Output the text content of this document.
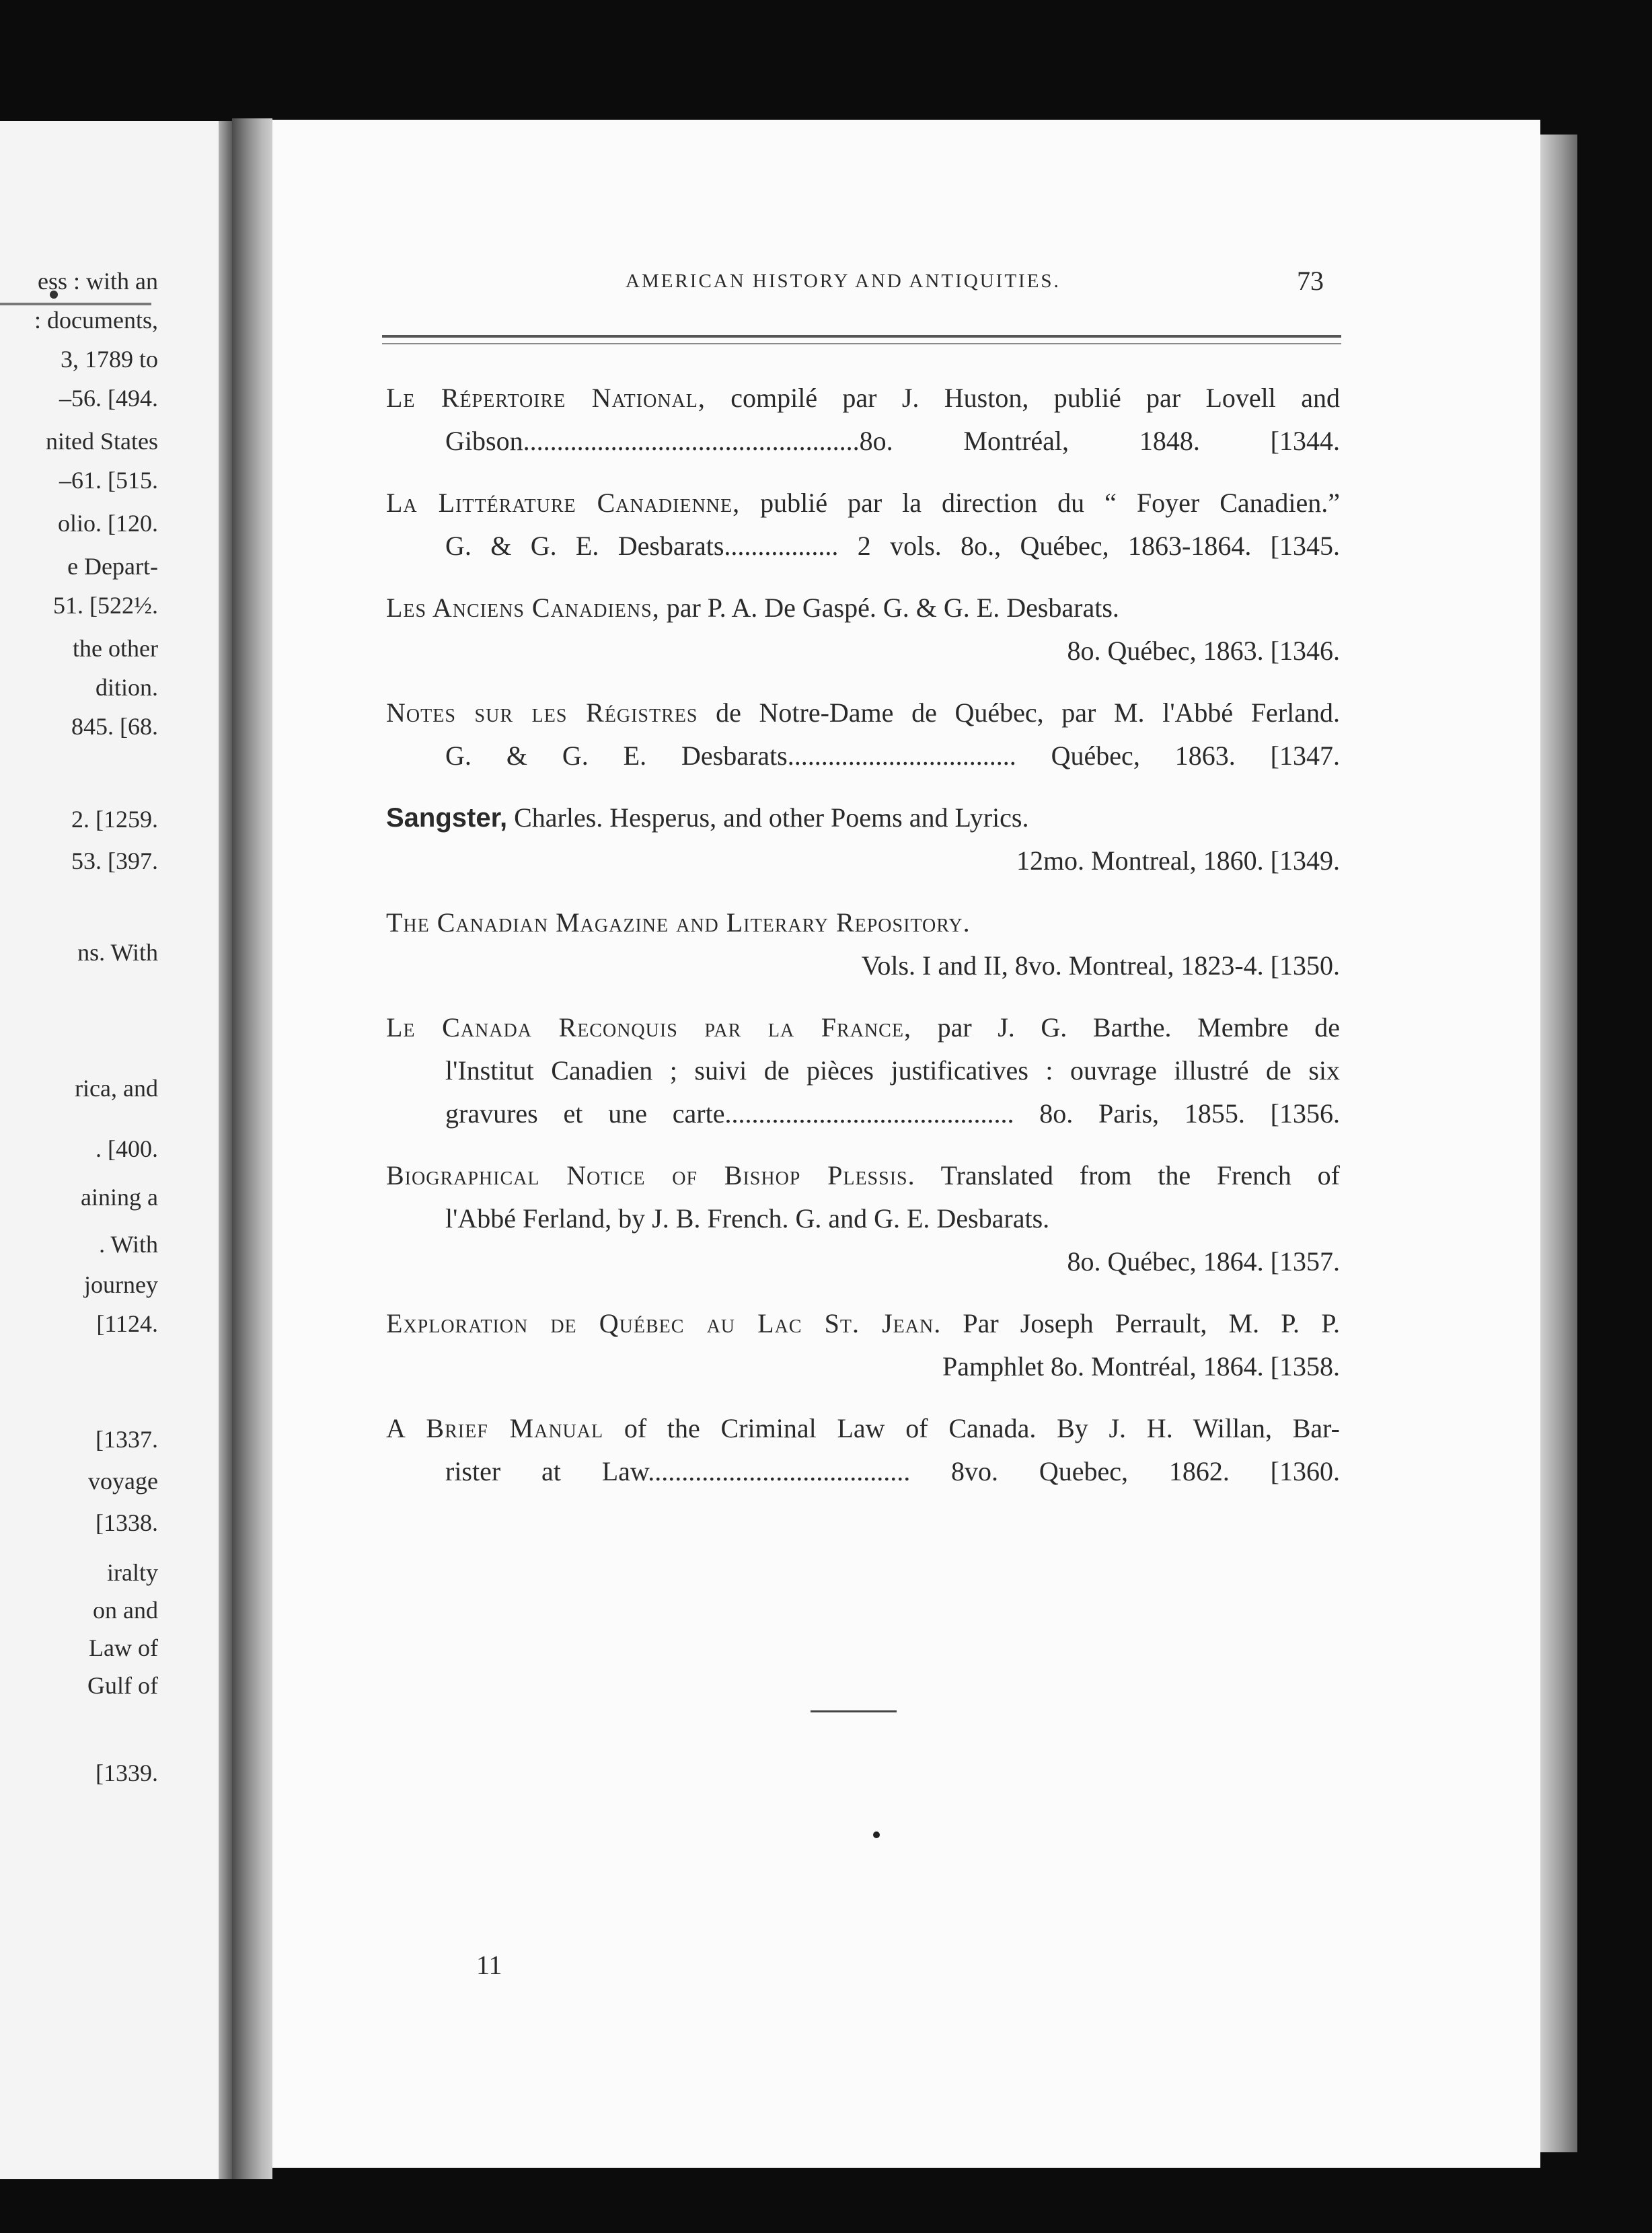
ess : with an
: documents,
3, 1789 to
–56. [494.
nited States
–61. [515.
olio. [120.
e Depart-
51. [522½.
the other
dition.
845. [68.
2. [1259.
53. [397.
ns. With
rica, and
. [400.
aining a
. With
journey
[1124.
[1337.
voyage
[1338.
iralty
on and
Law of
Gulf of
[1339.
AMERICAN HISTORY AND ANTIQUITIES.	73
Le Répertoire National, compilé par J. Huston, publié par Lovell and
Gibson..................................................8o. Montréal, 1848. [1344.
La Littérature Canadienne, publié par la direction du “ Foyer Canadien.”
G. & G. E. Desbarats................. 2 vols. 8o., Québec, 1863-1864. [1345.
Les Anciens Canadiens, par P. A. De Gaspé. G. & G. E. Desbarats.
8o. Québec, 1863. [1346.
Notes sur les Régistres de Notre-Dame de Québec, par M. l'Abbé Ferland.
G. & G. E. Desbarats.................................. Québec, 1863. [1347.
Sangster, Charles. Hesperus, and other Poems and Lyrics.
12mo. Montreal, 1860. [1349.
The Canadian Magazine and Literary Repository.
Vols. I and II, 8vo. Montreal, 1823-4. [1350.
Le Canada Reconquis par la France, par J. G. Barthe. Membre de
l'Institut Canadien ; suivi de pièces justificatives : ouvrage illustré de six
gravures et une carte........................................... 8o. Paris, 1855. [1356.
Biographical Notice of Bishop Plessis. Translated from the French of
l'Abbé Ferland, by J. B. French. G. and G. E. Desbarats.
8o. Québec, 1864. [1357.
Exploration de Québec au Lac St. Jean. Par Joseph Perrault, M. P. P.
Pamphlet 8o. Montréal, 1864. [1358.
A Brief Manual of the Criminal Law of Canada. By J. H. Willan, Bar-
rister at Law....................................... 8vo. Quebec, 1862. [1360.
11
